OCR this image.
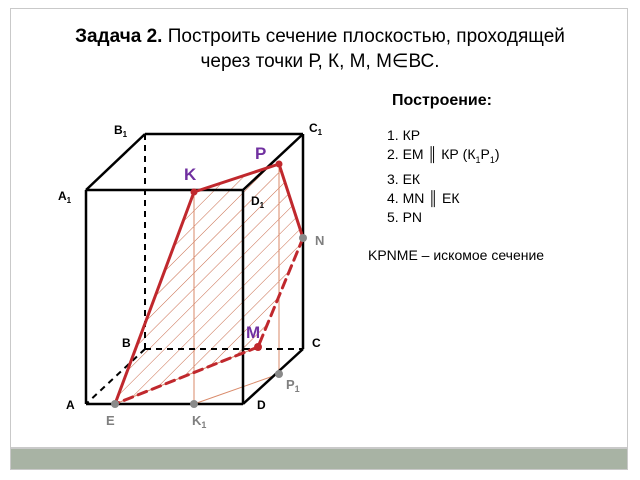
Задача 2. Построить сечение плоскостью, проходящей
через точки Р, К, М, М∈ВС.
Построение:
1. КР
2. ЕМ ║ КР $(К_1Р_1)$
3. ЕК
4. MN ║ ЕК
5. PN
KPNME – искомое сечение
$B_1$	$C_1$
$A_1$	$D_1$
B	C
A	D
P
K
M
N
E	$K_1$
$P_1$
